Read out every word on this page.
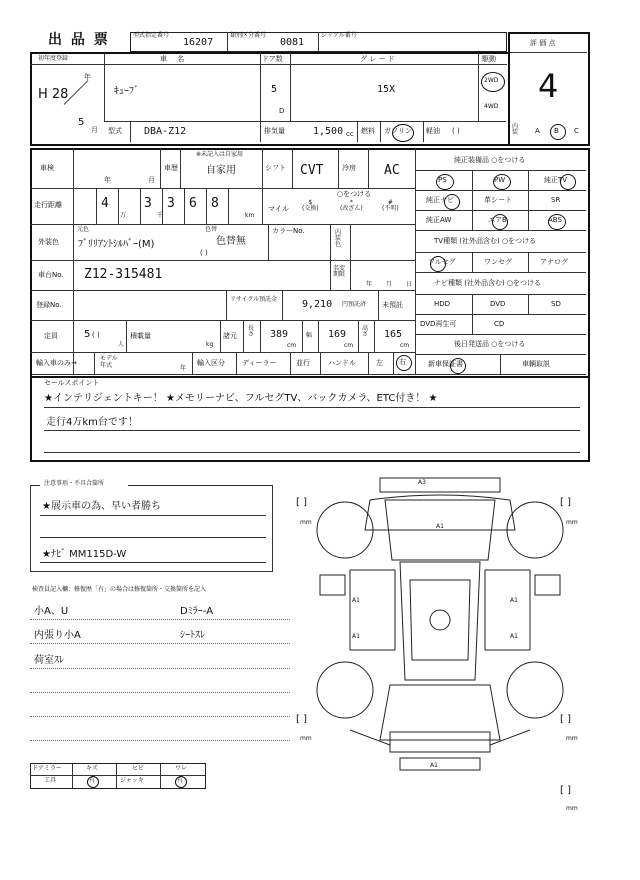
出 品 票	型式指定番号
16207
類別区分番号
0081
シリアル番号
評 価 点
4
初年度登録
年
H 28
5
月
車 名
ｷｭｰﾌﾞ
ドア数
5
D
グ レ ー ド
15X
駆動
2WD
4WD
型式 DBA-Z12	排気量	1,500 cc 燃料 ガソリン 軽油 ( )
内装	A B C
車検
年	月
車歴
※未記入は自家用
自家用	シフト CVT	冷房 AC
走行距離	4
万
3
千
3 6 8
km
○をつける
マイル
$
(交換)
*
(改ざん)
#
(不明)
外装色
元色
ﾌﾞﾘﾘｱﾝﾄｼﾙﾊﾞｰ(M)
色替
色替無
( )
カラーNo.	内装色
車台No. Z12-315481	名変期限
年 月 日
登録No.
リサイクル預託金 9,210 円預託済 未預託
定員	5 ( )
人
積載量
kg
諸元
長さ 389
cm
幅 169
cm
高さ 165
cm
輸入車のみ→
モデル年式	年
輸入区分 ディーラー	並行	ハンドル	左 右
純正装備品 ○をつける
PS	PW	純正TV
純正ナビ	革シート	SR
純正AW	エアB	ABS
TV種類 (社外品含む) ○をつける
フルセグ	ワンセグ	アナログ
ナビ種類 (社外品含む) ○をつける
HDD	DVD	SD
DVD再生可	CD
後日発送品 ○をつける
新車保証書	車輌取説
セールスポイント
★インテリジェントキー！ ★メモリーナビ、フルセグTV、バックカメラ、ETC付き！ ★
走行4万km台です！
注意事項・不具合箇所
★展示車の為、早い者勝ち
★ﾅﾋﾞ MM115D-W
検査員記入欄：修復歴「有」の場合は修復箇所・交換箇所を記入
小A、U	Dﾐﾗｰ-A
内張り小A	ｼｰﾄｽﾚ
荷室ｽﾚ
ドアミラー	キズ	ヒビ	ワレ
工具	有	ジャッキ	有
A3
A1
A1	A1
A1	A1
A1
[ ]
mm
[ ]
mm
[ ]
mm
[ ]
mm
[ ]
mm
